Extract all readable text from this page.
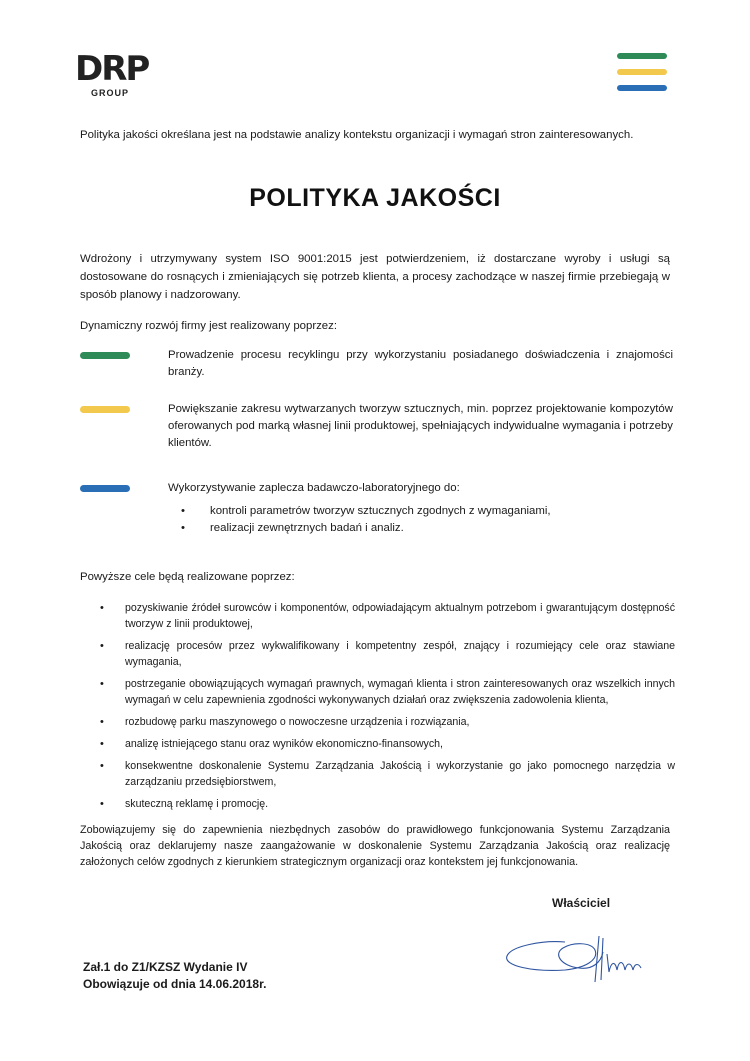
DRP
GROUP
Polityka jakości określana jest na podstawie analizy kontekstu organizacji i wymagań stron zainteresowanych.
POLITYKA JAKOŚCI
Wdrożony i utrzymywany system ISO 9001:2015 jest potwierdzeniem, iż dostarczane wyroby i usługi są dostosowane do rosnących i zmieniających się potrzeb klienta, a procesy zachodzące w naszej firmie przebiegają w sposób planowy i nadzorowany.
Dynamiczny rozwój firmy jest realizowany poprzez:
Prowadzenie procesu recyklingu przy wykorzystaniu posiadanego doświadczenia i znajomości branży.
Powiększanie zakresu wytwarzanych tworzyw sztucznych, min. poprzez projektowanie kompozytów oferowanych pod marką własnej linii produktowej, spełniających indywidualne wymagania i potrzeby klientów.
Wykorzystywanie zaplecza badawczo-laboratoryjnego do:
• kontroli parametrów tworzyw sztucznych zgodnych z wymaganiami,
• realizacji zewnętrznych badań i analiz.
Powyższe cele będą realizowane poprzez:
• pozyskiwanie źródeł surowców i komponentów, odpowiadającym aktualnym potrzebom i gwarantującym dostępność tworzyw z linii produktowej,
• realizację procesów przez wykwalifikowany i kompetentny zespół, znający i rozumiejący cele oraz stawiane wymagania,
• postrzeganie obowiązujących wymagań prawnych, wymagań klienta i stron zainteresowanych oraz wszelkich innych wymagań w celu zapewnienia zgodności wykonywanych działań oraz zwiększenia zadowolenia klienta,
• rozbudowę parku maszynowego o nowoczesne urządzenia i rozwiązania,
• analizę istniejącego stanu oraz wyników ekonomiczno-finansowych,
• konsekwentne doskonalenie Systemu Zarządzania Jakością i wykorzystanie go jako pomocnego narzędzia w zarządzaniu przedsiębiorstwem,
• skuteczną reklamę i promocję.
Zobowiązujemy się do zapewnienia niezbędnych zasobów do prawidłowego funkcjonowania Systemu Zarządzania Jakością oraz deklarujemy nasze zaangażowanie w doskonalenie Systemu Zarządzania Jakością oraz realizację założonych celów zgodnych z kierunkiem strategicznym organizacji oraz kontekstem jej funkcjonowania.
Właściciel
Zał.1 do Z1/KZSZ Wydanie IV
Obowiązuje od dnia 14.06.2018r.
